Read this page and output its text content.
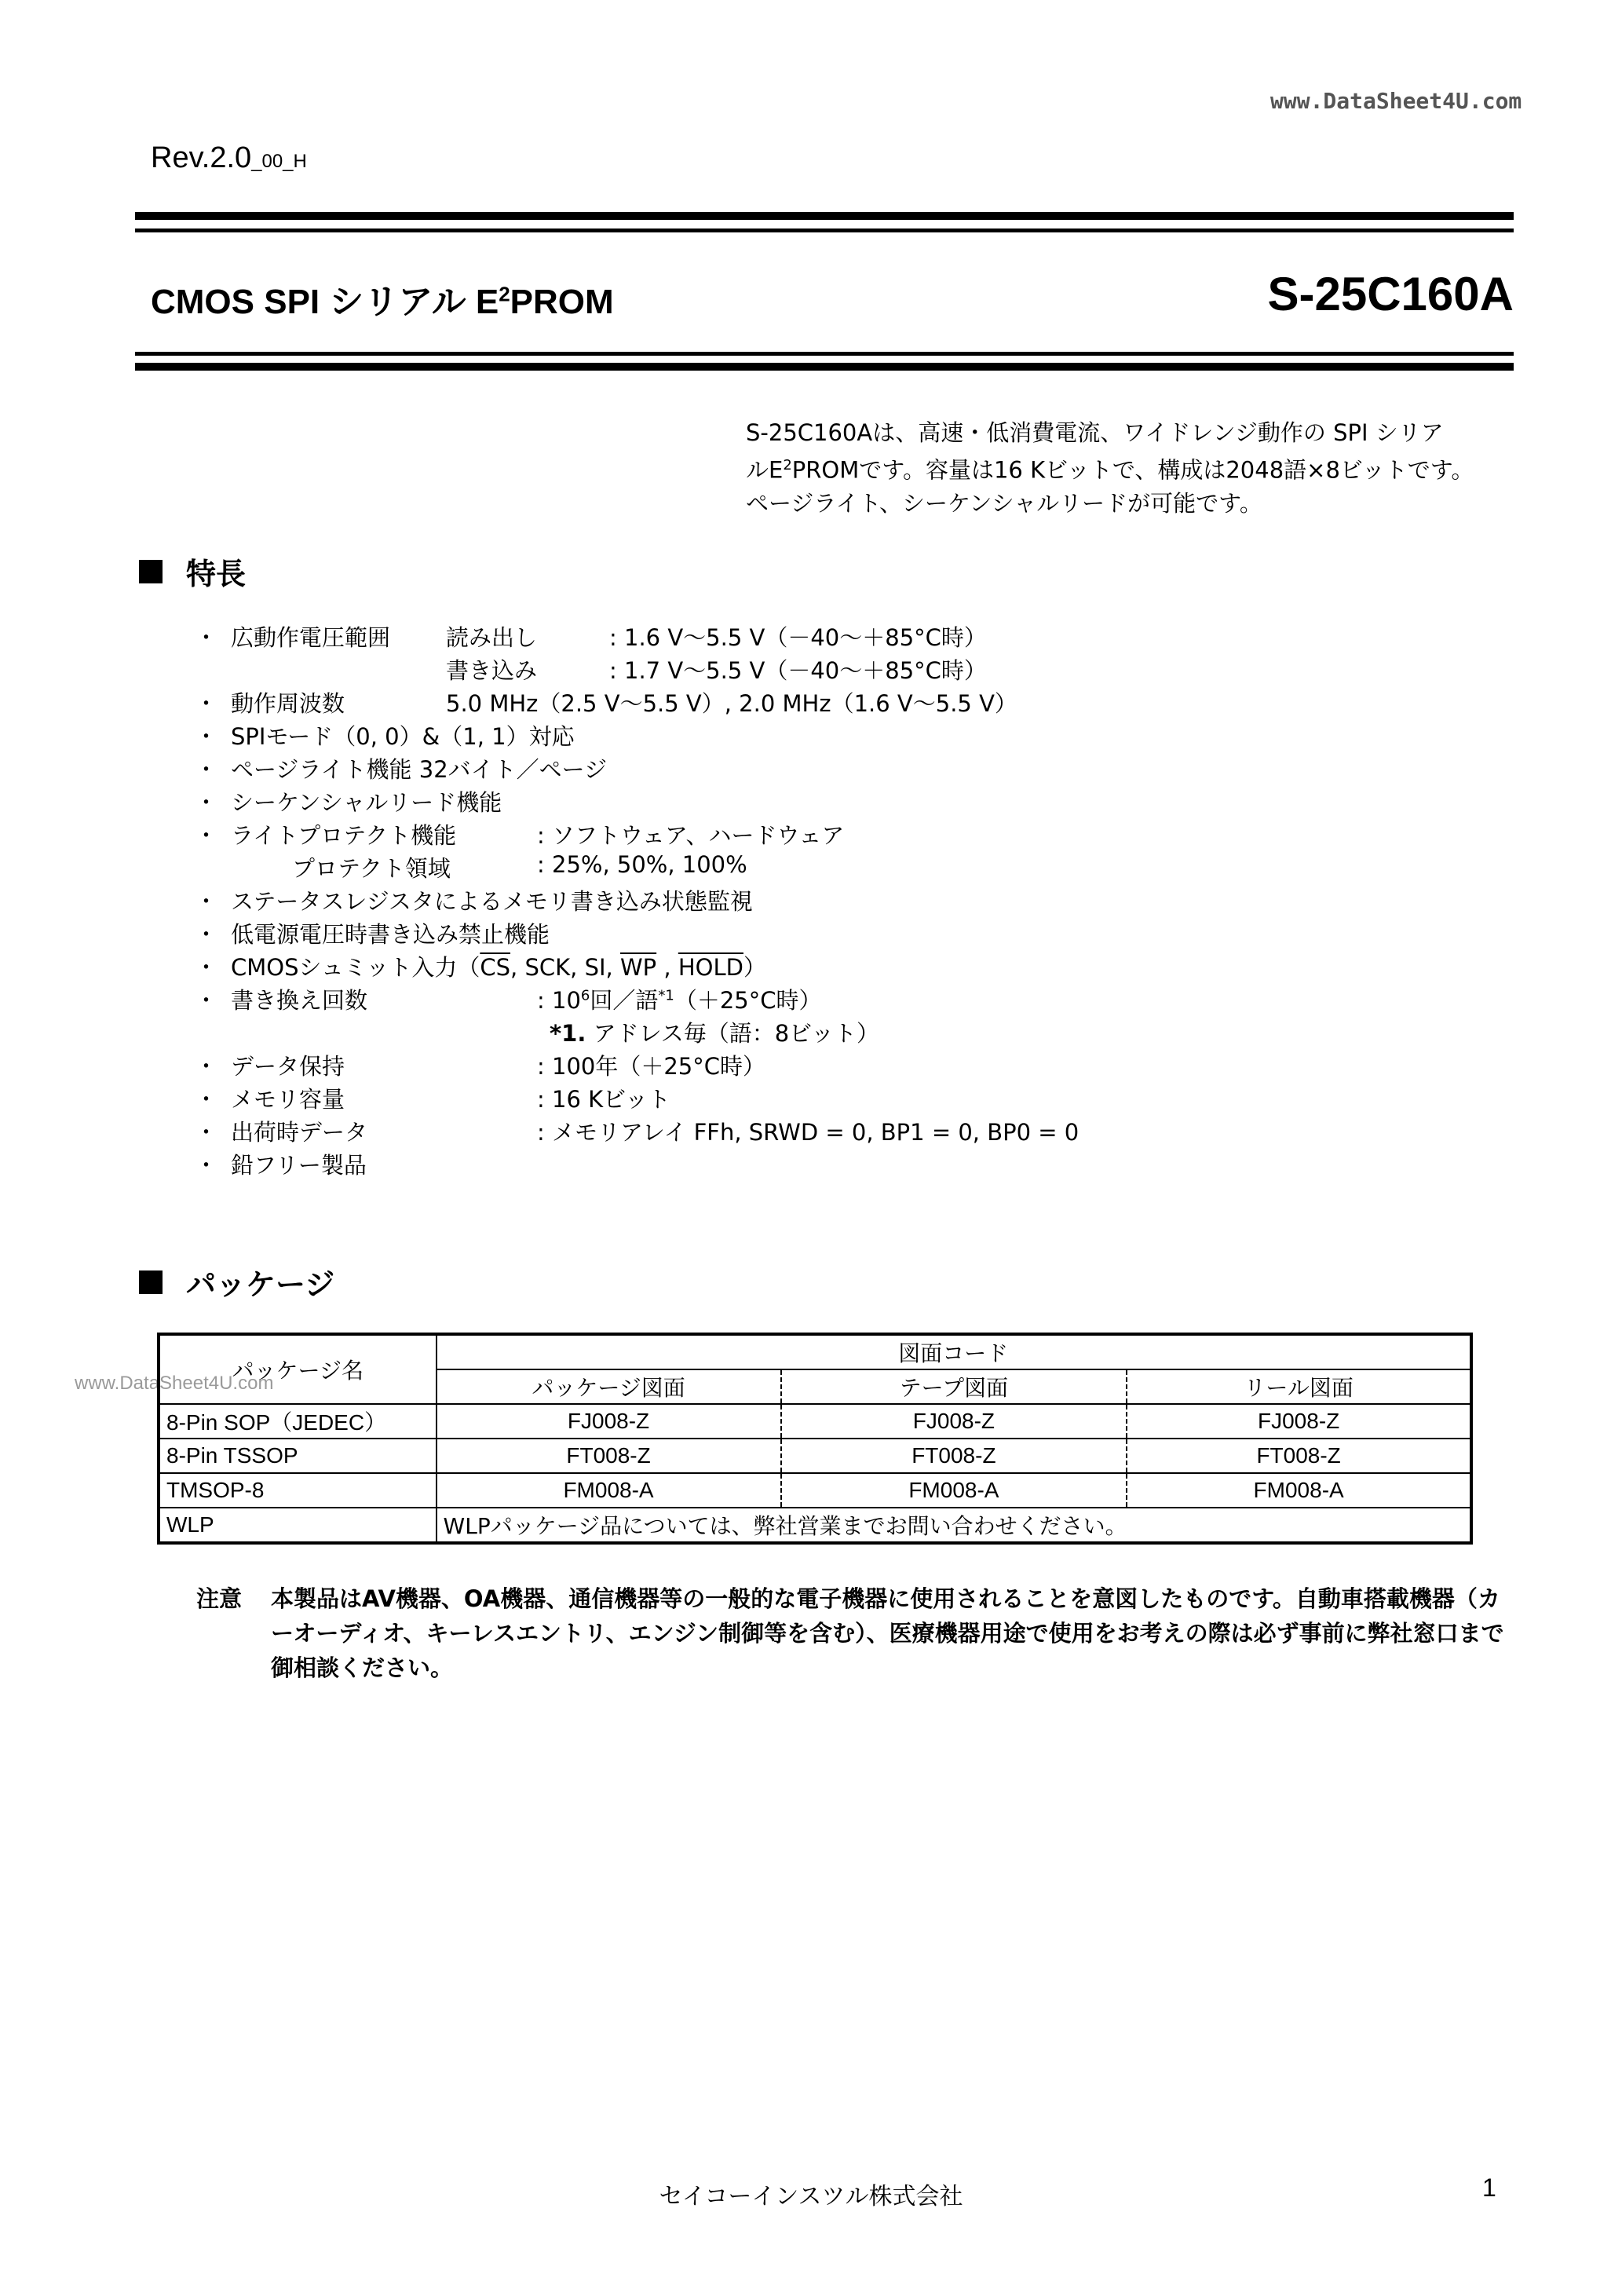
www.DataSheet4U.com
www.DataSheet4U.com
Rev.2.0_00_H
CMOS SPI シリアル $E^2PROM$	S-25C160A
S-25C160Aは、高速・低消費電流、ワイドレンジ動作の SPI シリア
ル$E^2PROM$です。容量は16 Kビットで、構成は2048語×8ビットです。
ページライト、シーケンシャルリードが可能です。
特長
・ 広動作電圧範囲 読み出し	: 1.6 V～5.5 V（－40～＋85°C時）
書き込み	: 1.7 V～5.5 V（－40～＋85°C時）
・ 動作周波数	5.0 MHz（2.5 V～5.5 V）, 2.0 MHz（1.6 V～5.5 V）
・ SPIモード（0, 0）&（1, 1）対応
・ ページライト機能 32バイト／ページ
・ シーケンシャルリード機能
・ ライトプロテクト機能	: ソフトウェア、ハードウェア
プロテクト領域	: 25%, 50%, 100%
・ ステータスレジスタによるメモリ書き込み状態監視
・ 低電源電圧時書き込み禁止機能
・ CMOSシュミット入力（$\overline{CS}$, SCK, SI, $\overline{WP}$ , HOLD）
・ 書き換え回数	: $10^6$回／語$^{*1}$（＋25°C時）
*1. アドレス毎（語：8ビット）
・ データ保持	: 100年（＋25°C時）
・ メモリ容量	: 16 Kビット
・ 出荷時データ	: メモリアレイ FFh, SRWD = 0, BP1 = 0, BP0 = 0
・ 鉛フリー製品
パッケージ
パッケージ名	図面コード		
	パッケージ図面	テープ図面	リール図面
8-Pin SOP（JEDEC）	FJ008-Z	FJ008-Z	FJ008-Z
8-Pin TSSOP	FT008-Z	FT008-Z	FT008-Z
TMSOP-8	FM008-A	FM008-A	FM008-A
WLP	WLPパッケージ品については、弊社営業までお問い合わせください。		
注意 本製品はAV機器、OA機器、通信機器等の一般的な電子機器に使用されることを意図したものです。自動車搭載機器（カーオーディオ、キーレスエントリ、エンジン制御等を含む）、医療機器用途で使用をお考えの際は必ず事前に弊社窓口まで御相談ください。
セイコーインスツル株式会社	1
